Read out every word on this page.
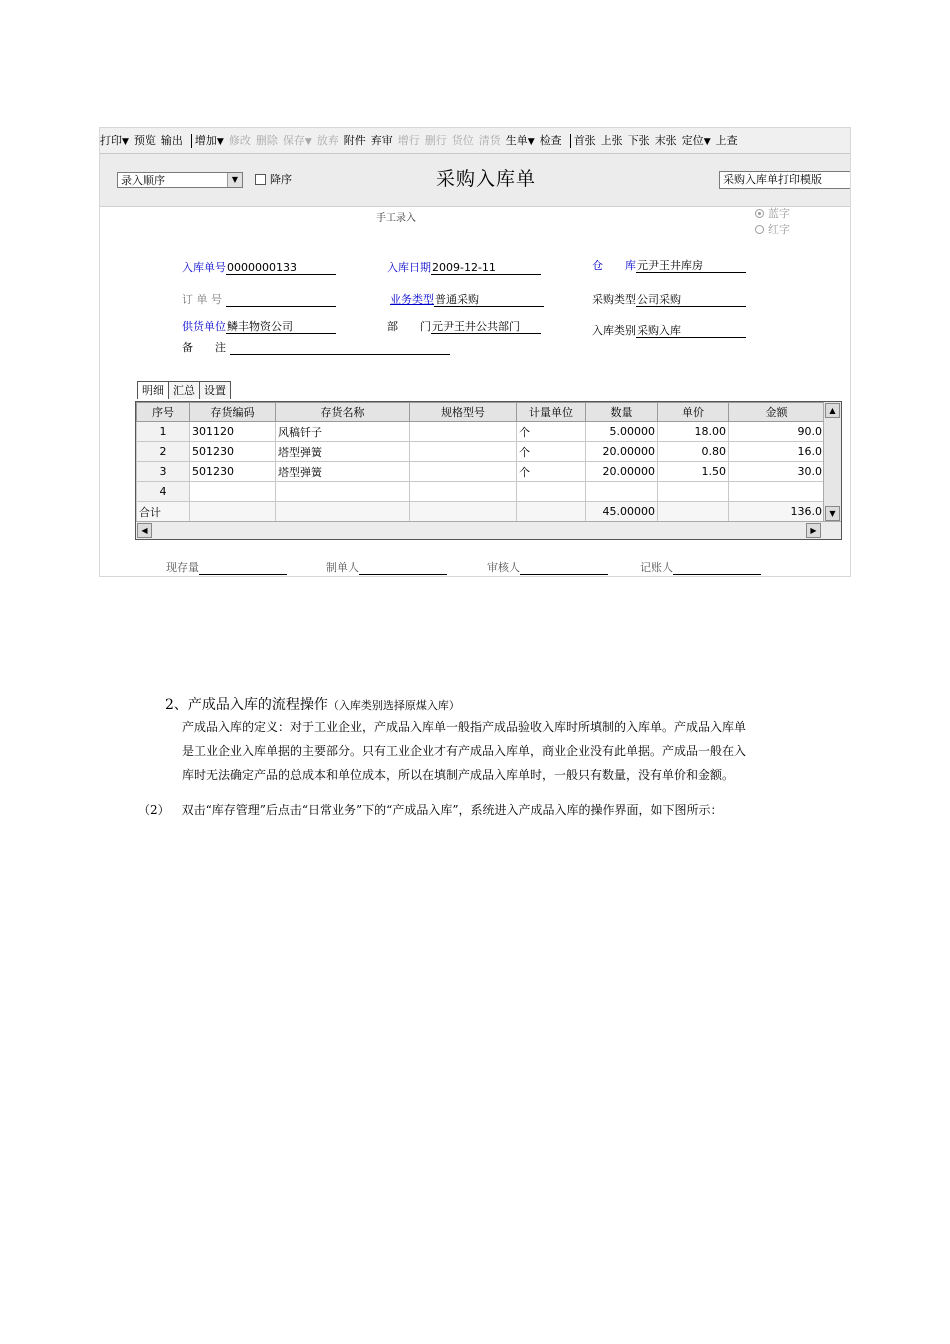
打印▼ 预览 输出 增加▼ 修改 删除 保存▼ 放弃 附件 弃审 增行 删行 货位 清货 生单▼ 检查 首张 上张 下张 末张 定位▼ 上查
录入顺序	▼	降序	采购入库单	采购入库单打印模版
手工录入	蓝字
红字
入库单号0000000133	入库日期2009-12-11	仓　　库元尹王井库房
订 单 号	业务类型普通采购	采购类型公司采购
供货单位鳞丰物资公司	部　　门元尹王井公共部门	入库类别采购入库
备　　注
明细 汇总 设置
序号	存货编码	存货名称	规格型号	计量单位	数量	单价	金额
1	301120	风稿钎子		个	5.00000	18.00	90.0
2	501230	塔型弹簧		个	20.00000	0.80	16.0
3	501230	塔型弹簧		个	20.00000	1.50	30.0
4							
合计					45.00000		136.0
▲
▼
◀	▶
现存量	制单人	审核人	记账人
2、产成品入库的流程操作（入库类别选择原煤入库）
产成品入库的定义：对于工业企业，产成品入库单一般指产成品验收入库时所填制的入库单。产成品入库单
是工业企业入库单据的主要部分。只有工业企业才有产成品入库单，商业企业没有此单据。产成品一般在入
库时无法确定产品的总成本和单位成本，所以在填制产成品入库单时，一般只有数量，没有单价和金额。
（2） 双击“库存管理”后点击“日常业务”下的“产成品入库”，系统进入产成品入库的操作界面，如下图所示：
